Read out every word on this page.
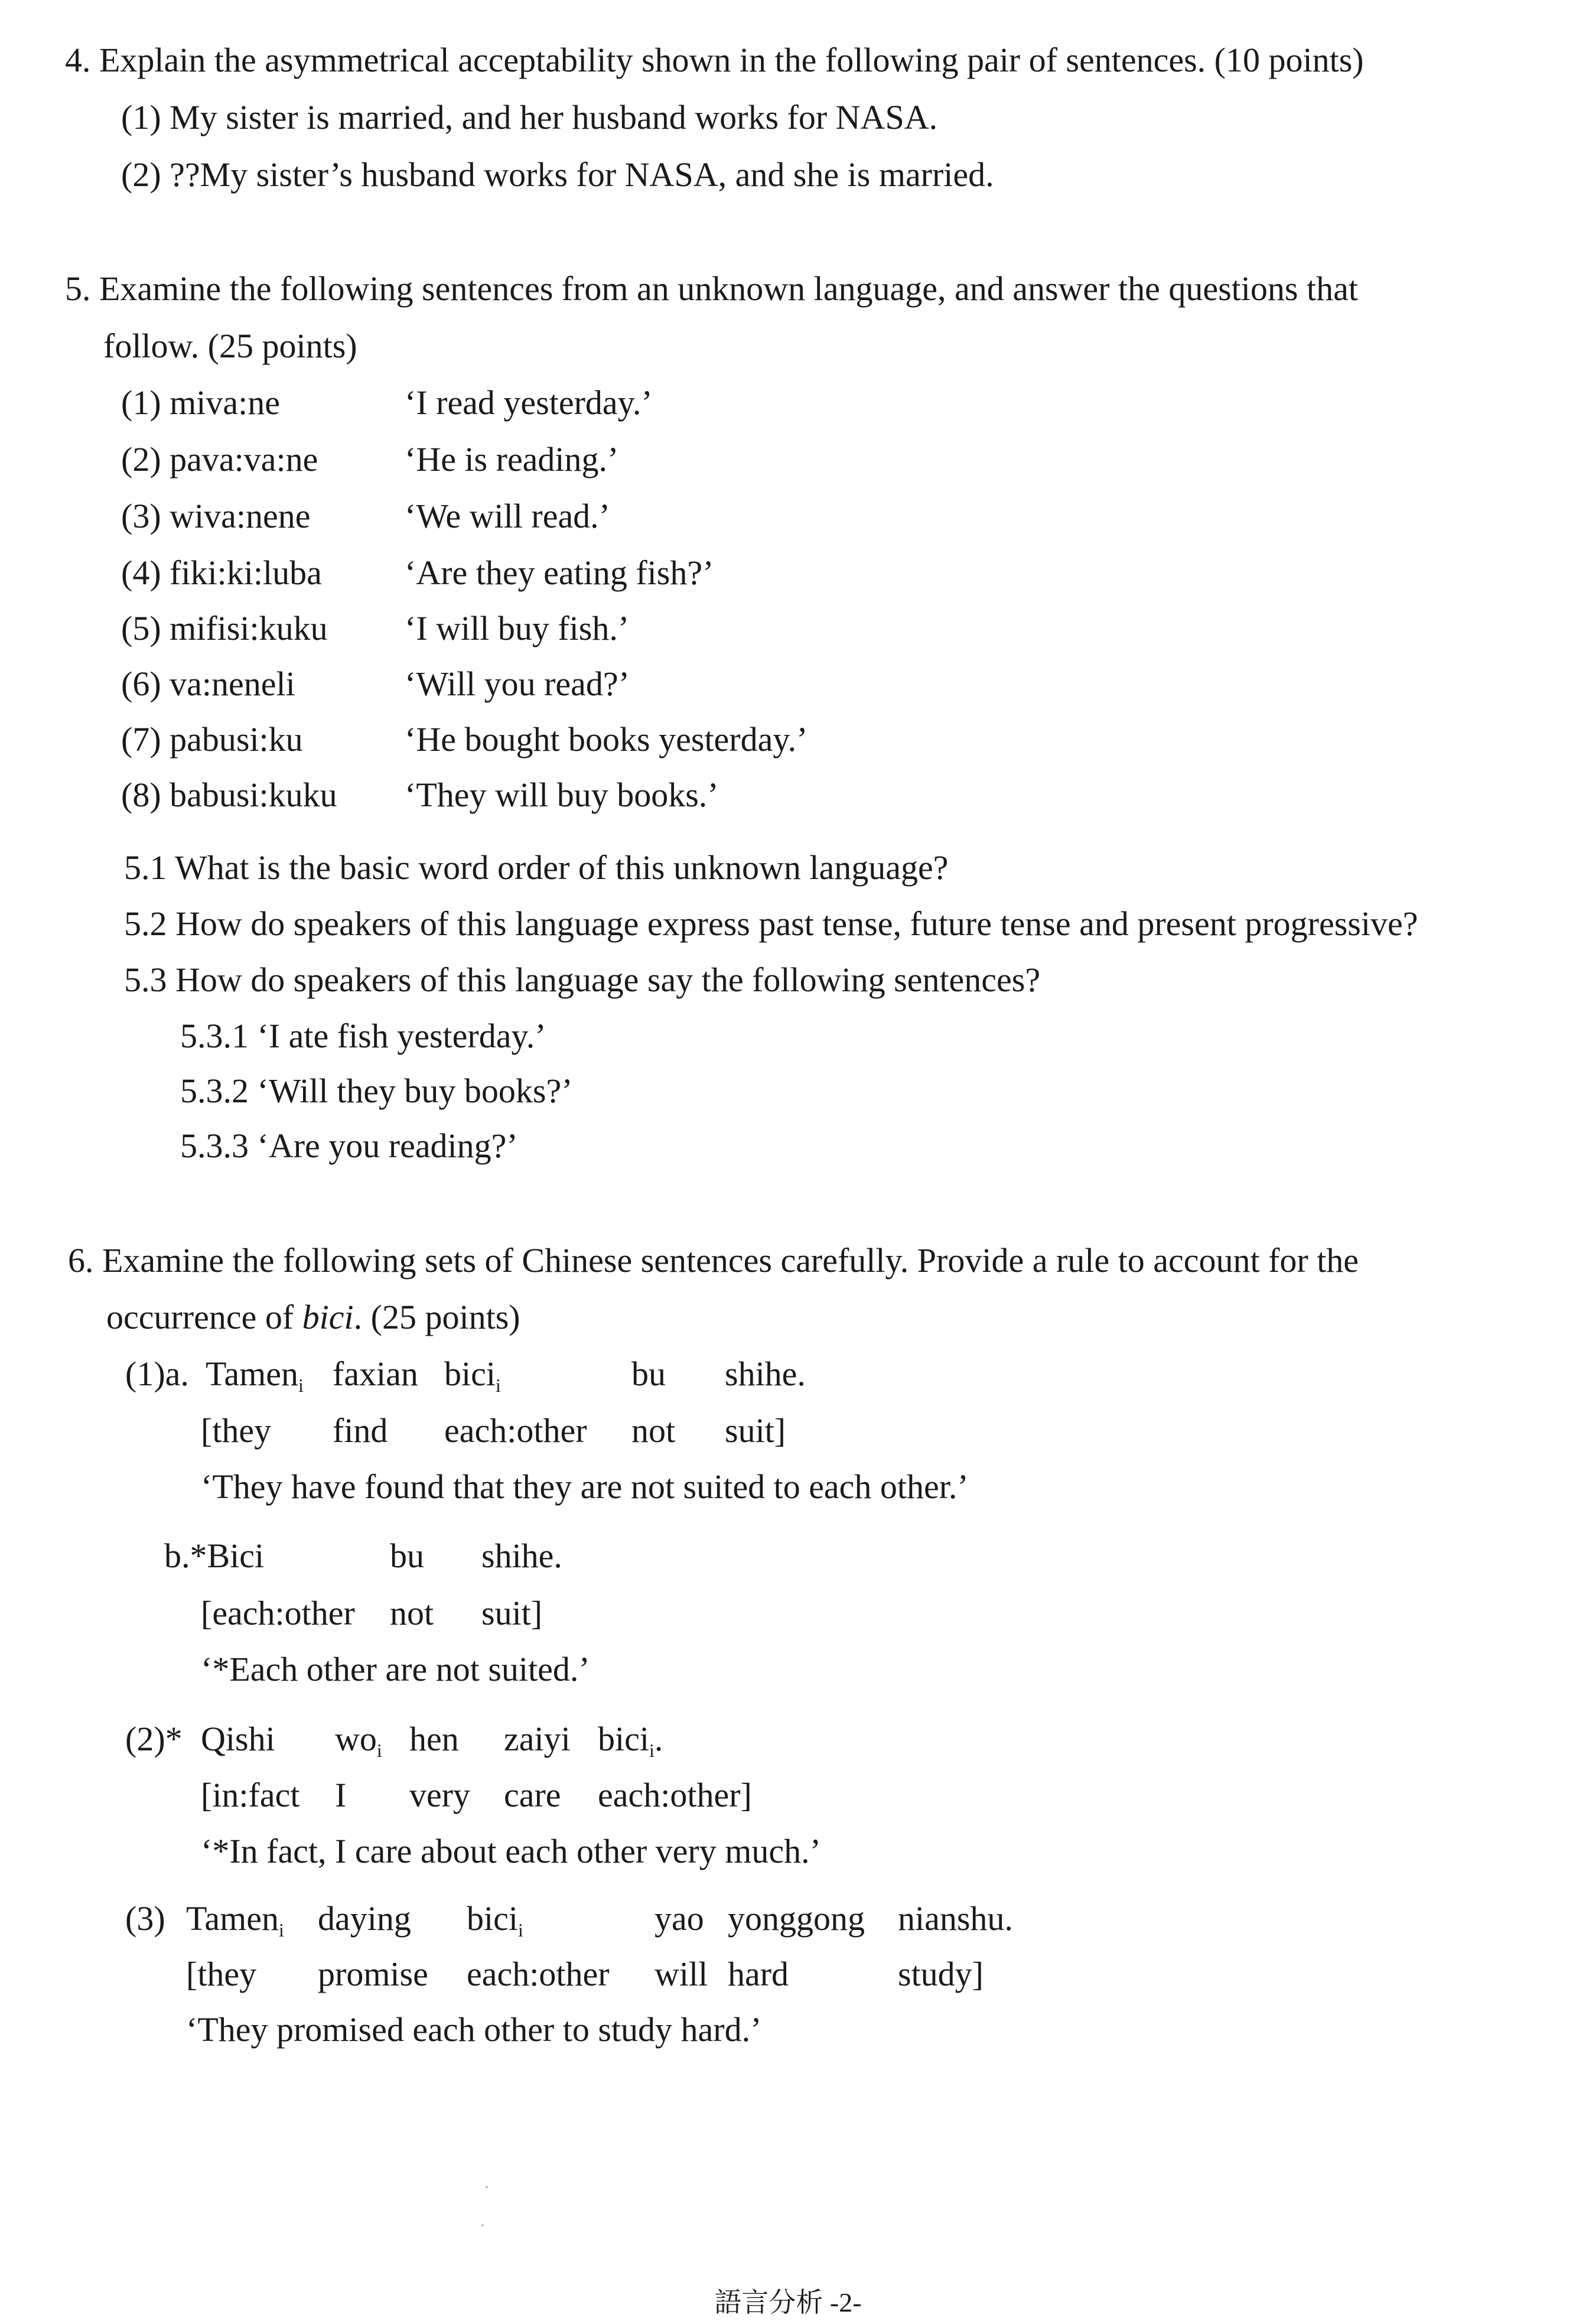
4. Explain the asymmetrical acceptability shown in the following pair of sentences. (10 points)
(1) My sister is married, and her husband works for NASA.
(2) ??My sister’s husband works for NASA, and she is married.
5. Examine the following sentences from an unknown language, and answer the questions that
follow. (25 points)
(1) miva:ne	‘I read yesterday.’
(2) pava:va:ne	‘He is reading.’
(3) wiva:nene	‘We will read.’
(4) fiki:ki:luba ‘Are they eating fish?’
(5) mifisi:kuku ‘I will buy fish.’
(6) va:neneli	‘Will you read?’
(7) pabusi:ku	‘He bought books yesterday.’
(8) babusi:kuku ‘They will buy books.’
5.1 What is the basic word order of this unknown language?
5.2 How do speakers of this language express past tense, future tense and present progressive?
5.3 How do speakers of this language say the following sentences?
5.3.1 ‘I ate fish yesterday.’
5.3.2 ‘Will they buy books?’
5.3.3 ‘Are you reading?’
6. Examine the following sets of Chinese sentences carefully. Provide a rule to account for the
occurrence of bici. (25 points)
(1)a. Tamen$_i$ faxian bici$_i$	bu shihe.
[they find each:other not suit]
‘They have found that they are not suited to each other.’
b.*Bici	bu shihe.
[each:other not suit]
‘*Each other are not suited.’
(2)* Qishi $wo_i$ hen zaiyi bici$_i$.
[in:fact I very care each:other]
‘*In fact, I care about each other very much.’
(3) Tamen$_i$ daying bici$_i$	yao yonggong nianshu.
[they promise each:other will hard	study]
‘They promised each other to study hard.’
語言分析 -2-
